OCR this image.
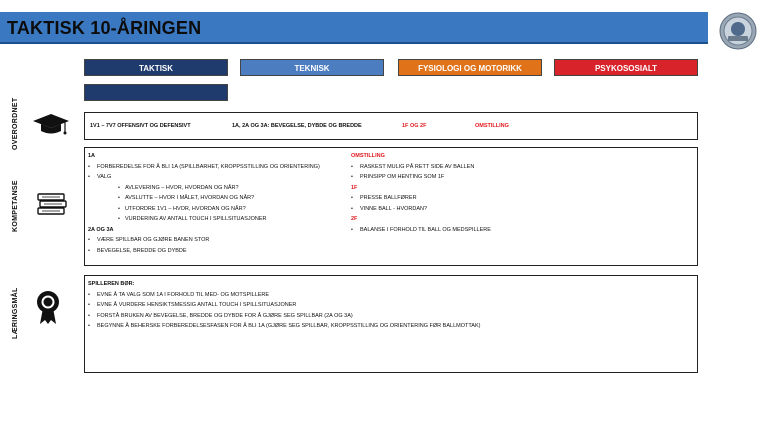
TAKTISK 10-ÅRINGEN
TAKTISK	TEKNISK	FYSIOLOGI OG MOTORIKK	PSYKOSOSIALT
OVERORDNET
KOMPETANSE
LÆRINGSMÅL
1V1 – 7V7 OFFENSIVT OG DEFENSIVT	1A, 2A OG 3A: BEVEGELSE, DYBDE OG BREDDE	1F OG 2F	OMSTILLING
1A
• FORBEREDELSE FOR Å BLI 1A (SPILLBARHET, KROPPSSTILLING OG ORIENTERING)
• VALG
• AVLEVERING – HVOR, HVORDAN OG NÅR?
• AVSLUTTE – HVOR I MÅLET, HVORDAN OG NÅR?
• UTFORDRE 1V1 – HVOR, HVORDAN OG NÅR?
• VURDERING AV ANTALL TOUCH I SPILLSITUASJONER
2A OG 3A
• VÆRE SPILLBAR OG GJØRE BANEN STOR
• BEVEGELSE, BREDDE OG DYBDE
OMSTILLING
• RASKEST MULIG PÅ RETT SIDE AV BALLEN
• PRINSIPP OM HENTING SOM 1F
1F
• PRESSE BALLFØRER
• VINNE BALL - HVORDAN?
2F
• BALANSE I FORHOLD TIL BALL OG MEDSPILLERE
SPILLEREN BØR:
• EVNE Å TA VALG SOM 1A I FORHOLD TIL MED- OG MOTSPILLERE
• EVNE Å VURDERE HENSIKTSMESSIG ANTALL TOUCH I SPILLSITUASJONER
• FORSTÅ BRUKEN AV BEVEGELSE, BREDDE OG DYBDE FOR Å GJØRE SEG SPILLBAR (2A OG 3A)
• BEGYNNE Å BEHERSKE FORBEREDELSESFASEN FOR Å BLI 1A (GJØRE SEG SPILLBAR, KROPPSSTILLING OG ORIENTERING FØR BALLMOTTAK)
